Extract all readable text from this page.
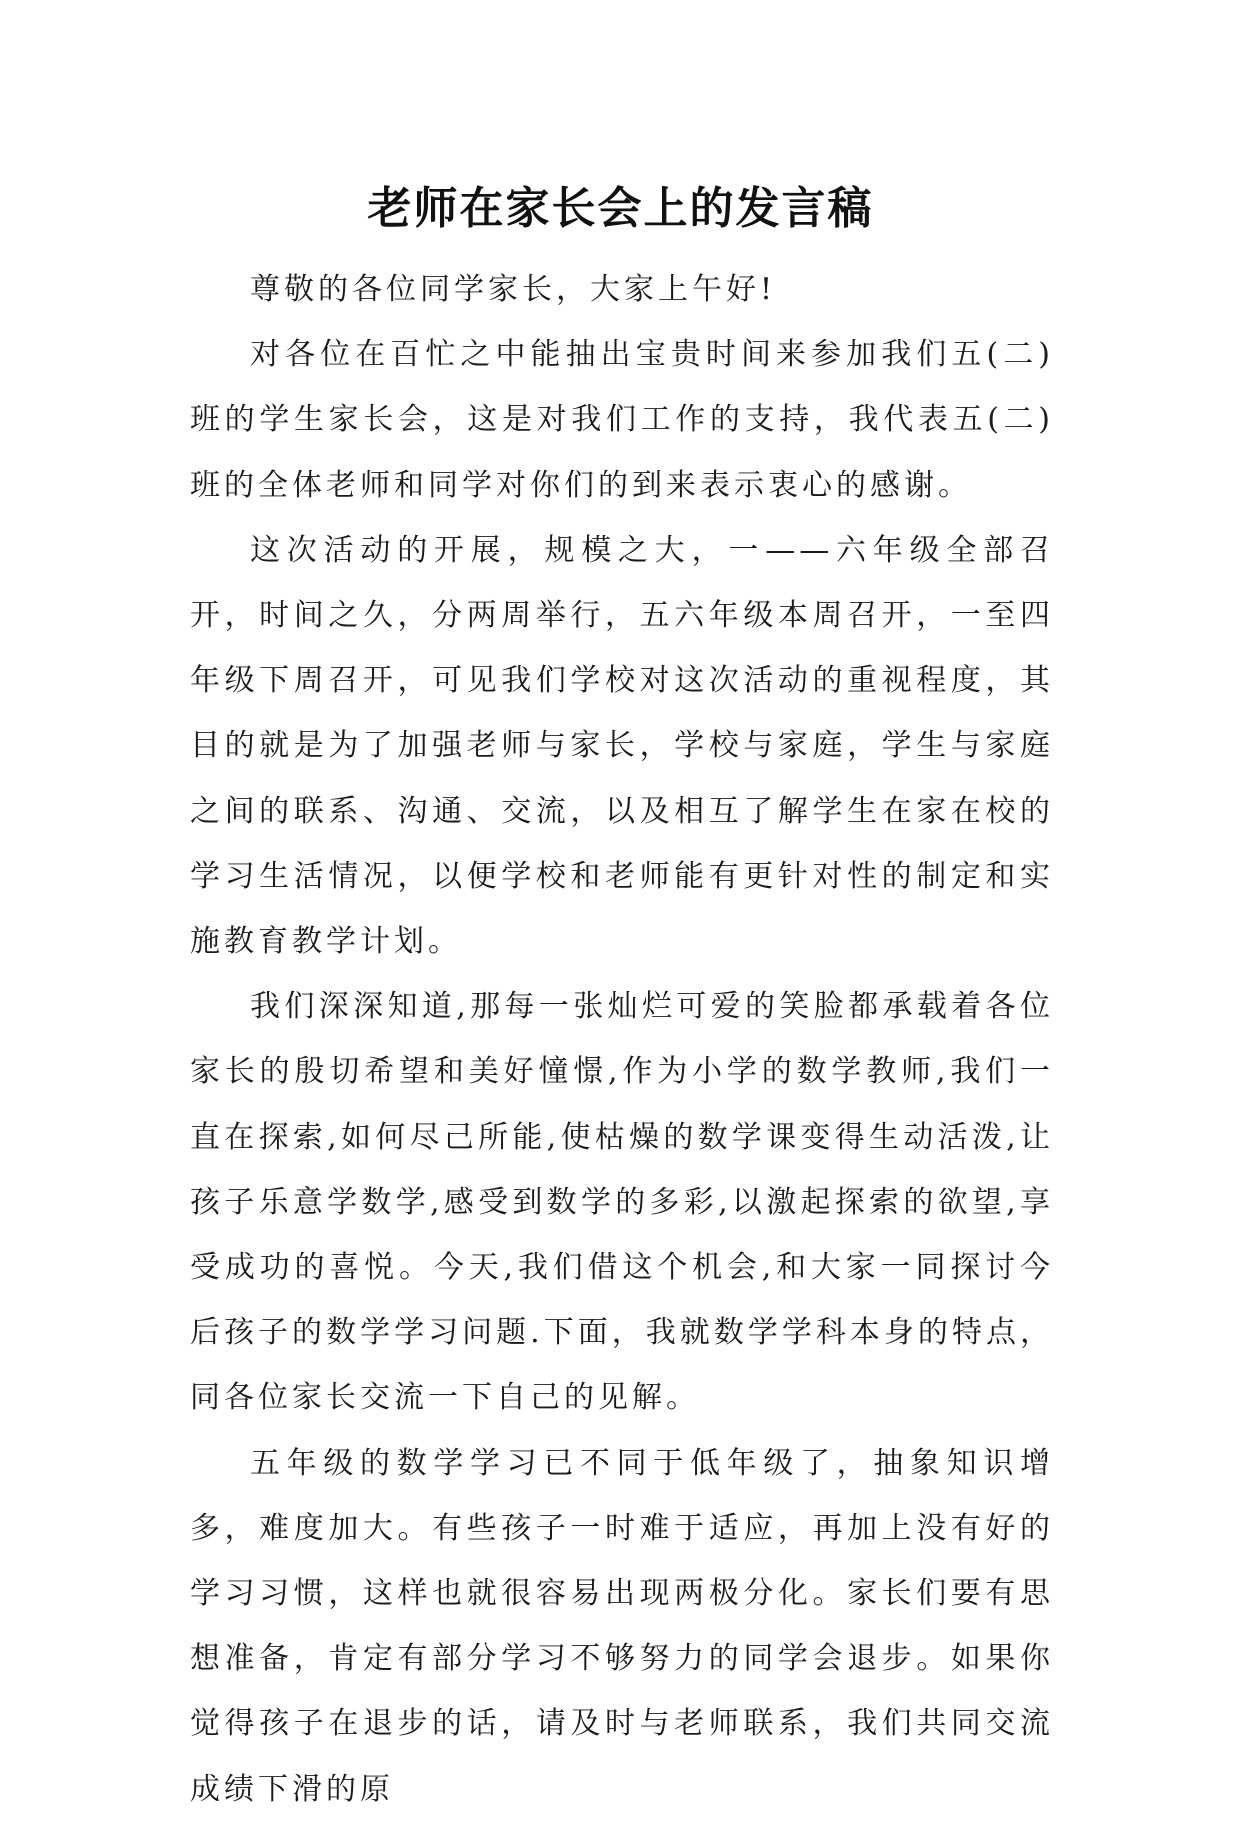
老师在家长会上的发言稿

尊敬的各位同学家长，大家上午好!

对各位在百忙之中能抽出宝贵时间来参加我们五(二)班的学生家长会，这是对我们工作的支持，我代表五(二)班的全体老师和同学对你们的到来表示衷心的感谢。

这次活动的开展，规模之大，一——六年级全部召开，时间之久，分两周举行，五六年级本周召开，一至四年级下周召开，可见我们学校对这次活动的重视程度，其目的就是为了加强老师与家长，学校与家庭，学生与家庭之间的联系、沟通、交流，以及相互了解学生在家在校的学习生活情况，以便学校和老师能有更针对性的制定和实施教育教学计划。

我们深深知道,那每一张灿烂可爱的笑脸都承载着各位家长的殷切希望和美好憧憬,作为小学的数学教师,我们一直在探索,如何尽己所能,使枯燥的数学课变得生动活泼,让孩子乐意学数学,感受到数学的多彩,以激起探索的欲望,享受成功的喜悦。今天,我们借这个机会,和大家一同探讨今后孩子的数学学习问题.下面，我就数学学科本身的特点，同各位家长交流一下自己的见解。

五年级的数学学习已不同于低年级了，抽象知识增多，难度加大。有些孩子一时难于适应，再加上没有好的学习习惯，这样也就很容易出现两极分化。家长们要有思想准备，肯定有部分学习不够努力的同学会退步。如果你觉得孩子在退步的话，请及时与老师联系，我们共同交流成绩下滑的原
